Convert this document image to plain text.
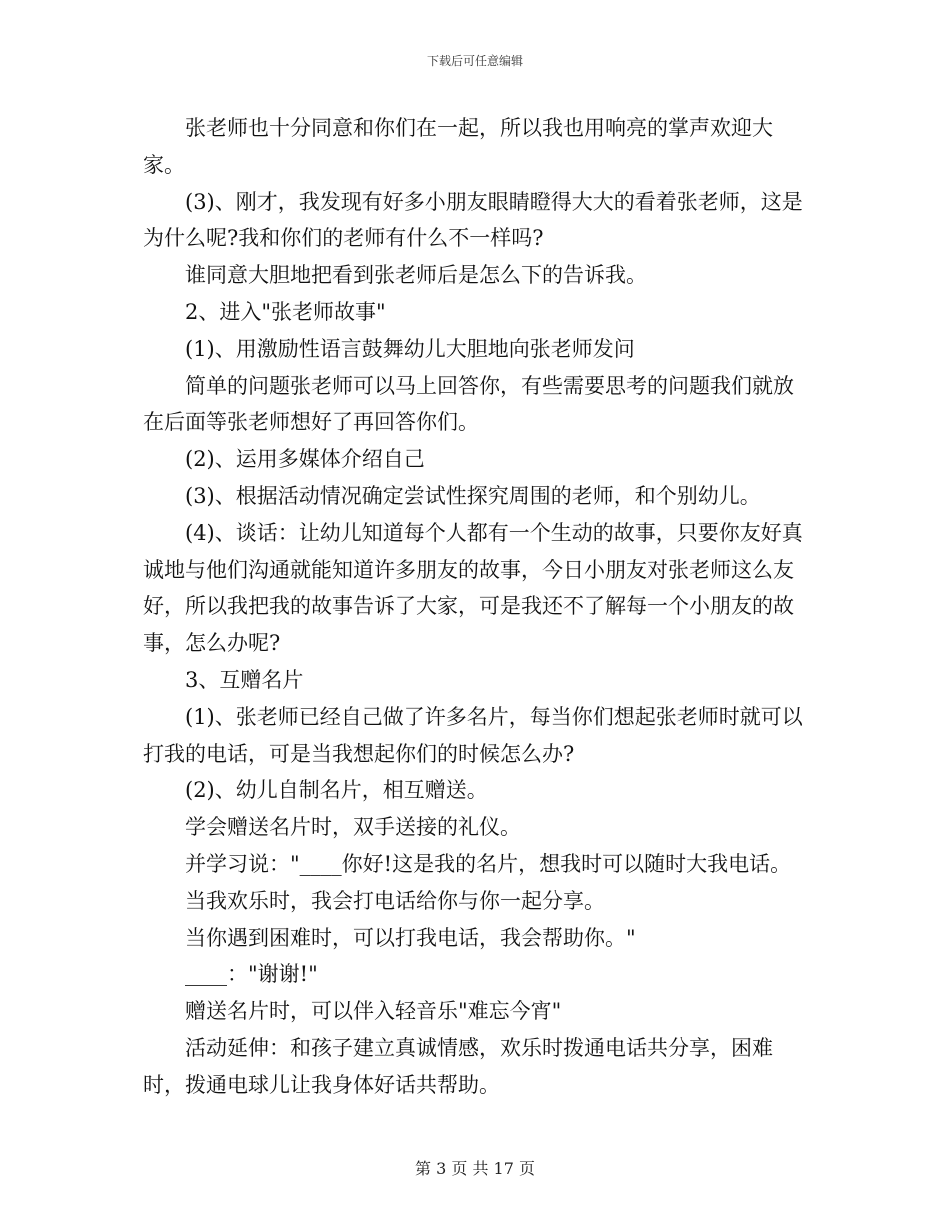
下载后可任意编辑

张老师也十分同意和你们在一起，所以我也用响亮的掌声欢迎大家。

(3)、刚才，我发现有好多小朋友眼睛瞪得大大的看着张老师，这是为什么呢?我和你们的老师有什么不一样吗?

谁同意大胆地把看到张老师后是怎么下的告诉我。

2、进入"张老师故事"

(1)、用激励性语言鼓舞幼儿大胆地向张老师发问

简单的问题张老师可以马上回答你，有些需要思考的问题我们就放在后面等张老师想好了再回答你们。

(2)、运用多媒体介绍自己

(3)、根据活动情况确定尝试性探究周围的老师，和个别幼儿。

(4)、谈话：让幼儿知道每个人都有一个生动的故事，只要你友好真诚地与他们沟通就能知道许多朋友的故事，今日小朋友对张老师这么友好，所以我把我的故事告诉了大家，可是我还不了解每一个小朋友的故事，怎么办呢?

3、互赠名片

(1)、张老师已经自己做了许多名片，每当你们想起张老师时就可以打我的电话，可是当我想起你们的时候怎么办?

(2)、幼儿自制名片，相互赠送。

学会赠送名片时，双手送接的礼仪。

并学习说："____你好!这是我的名片，想我时可以随时大我电话。

当我欢乐时，我会打电话给你与你一起分享。

当你遇到困难时，可以打我电话，我会帮助你。"

____："谢谢!"

赠送名片时，可以伴入轻音乐"难忘今宵"

活动延伸：和孩子建立真诚情感，欢乐时拨通电话共分享，困难时，拨通电球儿让我身体好话共帮助。

第 3 页 共 17 页
